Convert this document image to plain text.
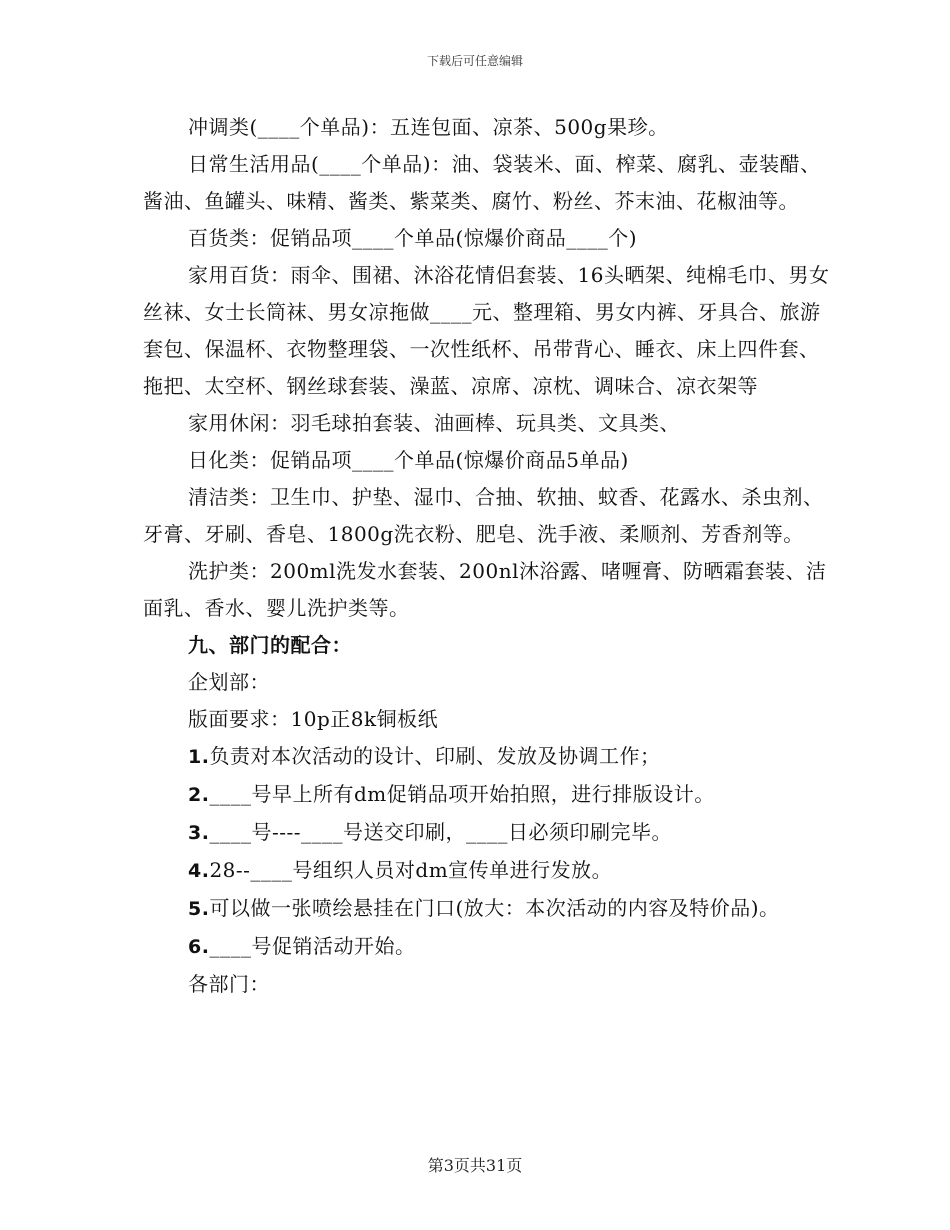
下载后可任意编辑

冲调类(____个单品)：五连包面、凉茶、500g果珍。

日常生活用品(____个单品)：油、袋装米、面、榨菜、腐乳、壶装醋、酱油、鱼罐头、味精、酱类、紫菜类、腐竹、粉丝、芥末油、花椒油等。

百货类：促销品项____个单品(惊爆价商品____个)

家用百货：雨伞、围裙、沐浴花情侣套装、16头晒架、纯棉毛巾、男女丝袜、女士长筒袜、男女凉拖做____元、整理箱、男女内裤、牙具合、旅游套包、保温杯、衣物整理袋、一次性纸杯、吊带背心、睡衣、床上四件套、拖把、太空杯、钢丝球套装、澡蓝、凉席、凉枕、调味合、凉衣架等

家用休闲：羽毛球拍套装、油画棒、玩具类、文具类、

日化类：促销品项____个单品(惊爆价商品5单品)

清洁类：卫生巾、护垫、湿巾、合抽、软抽、蚊香、花露水、杀虫剂、牙膏、牙刷、香皂、1800g洗衣粉、肥皂、洗手液、柔顺剂、芳香剂等。

洗护类：200ml洗发水套装、200nl沐浴露、啫喱膏、防晒霜套装、洁面乳、香水、婴儿洗护类等。

九、部门的配合：

企划部：

版面要求：10p正8k铜板纸

1.负责对本次活动的设计、印刷、发放及协调工作；

2.____号早上所有dm促销品项开始拍照，进行排版设计。

3.____号----____号送交印刷，____日必须印刷完毕。

4.28--____号组织人员对dm宣传单进行发放。

5.可以做一张喷绘悬挂在门口(放大：本次活动的内容及特价品)。

6.____号促销活动开始。

各部门：

第3页共31页
